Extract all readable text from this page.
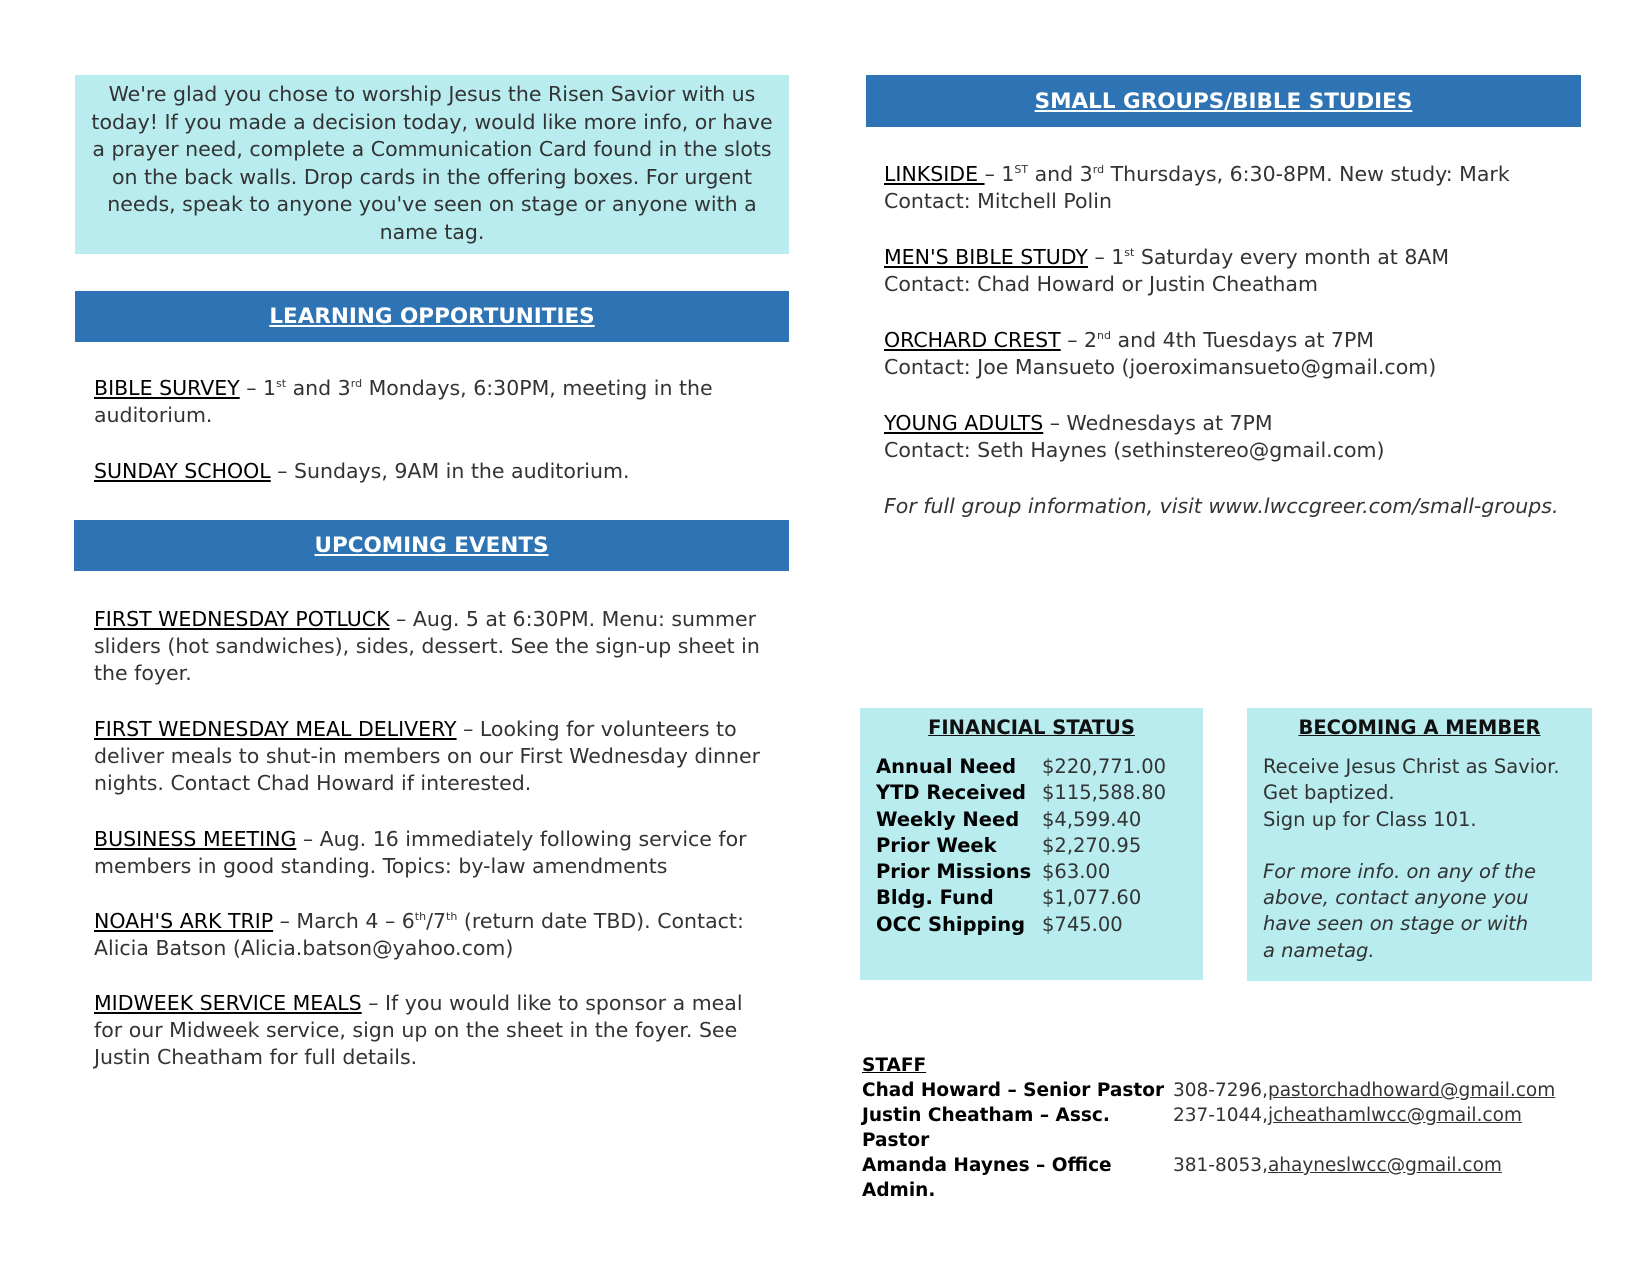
We're glad you chose to worship Jesus the Risen Savior with us today! If you made a decision today, would like more info, or have a prayer need, complete a Communication Card found in the slots on the back walls. Drop cards in the offering boxes. For urgent needs, speak to anyone you've seen on stage or anyone with a name tag.
LEARNING OPPORTUNITIES

BIBLE SURVEY – 1st and 3rd Mondays, 6:30PM, meeting in the auditorium.

SUNDAY SCHOOL – Sundays, 9AM in the auditorium.

UPCOMING EVENTS

FIRST WEDNESDAY POTLUCK – Aug. 5 at 6:30PM. Menu: summer sliders (hot sandwiches), sides, dessert. See the sign-up sheet in the foyer.

FIRST WEDNESDAY MEAL DELIVERY – Looking for volunteers to deliver meals to shut-in members on our First Wednesday dinner nights. Contact Chad Howard if interested.

BUSINESS MEETING – Aug. 16 immediately following service for members in good standing. Topics: by-law amendments

NOAH'S ARK TRIP – March 4 – 6th/7th (return date TBD). Contact: Alicia Batson (Alicia.batson@yahoo.com)

MIDWEEK SERVICE MEALS – If you would like to sponsor a meal for our Midweek service, sign up on the sheet in the foyer. See Justin Cheatham for full details.

SMALL GROUPS/BIBLE STUDIES

LINKSIDE – 1ST and 3rd Thursdays, 6:30-8PM. New study: Mark

Contact: Mitchell Polin

MEN'S BIBLE STUDY – 1st Saturday every month at 8AM

Contact: Chad Howard or Justin Cheatham

ORCHARD CREST – 2nd and 4th Tuesdays at 7PM

Contact: Joe Mansueto (joeroximansueto@gmail.com)

YOUNG ADULTS – Wednesdays at 7PM

Contact: Seth Haynes (sethinstereo@gmail.com)

For full group information, visit www.lwccgreer.com/small-groups.
FINANCIAL STATUS
Annual Need	$220,771.00
YTD Received $115,588.80
Weekly Need	$4,599.40
Prior Week	$2,270.95
Prior Missions $63.00
Bldg. Fund	$1,077.60
OCC Shipping $745.00
BECOMING A MEMBER

Receive Jesus Christ as Savior.

Get baptized.

Sign up for Class 101.

For more info. on any of the

above, contact anyone you

have seen on stage or with

a nametag.

STAFF
Chad Howard – Senior Pastor 308-7296, pastorchadhoward@gmail.com
Justin Cheatham – Assc. Pastor
237-1044, jcheathamlwcc@gmail.com
Amanda Haynes – Office Admin.
381-8053, ahayneslwcc@gmail.com
